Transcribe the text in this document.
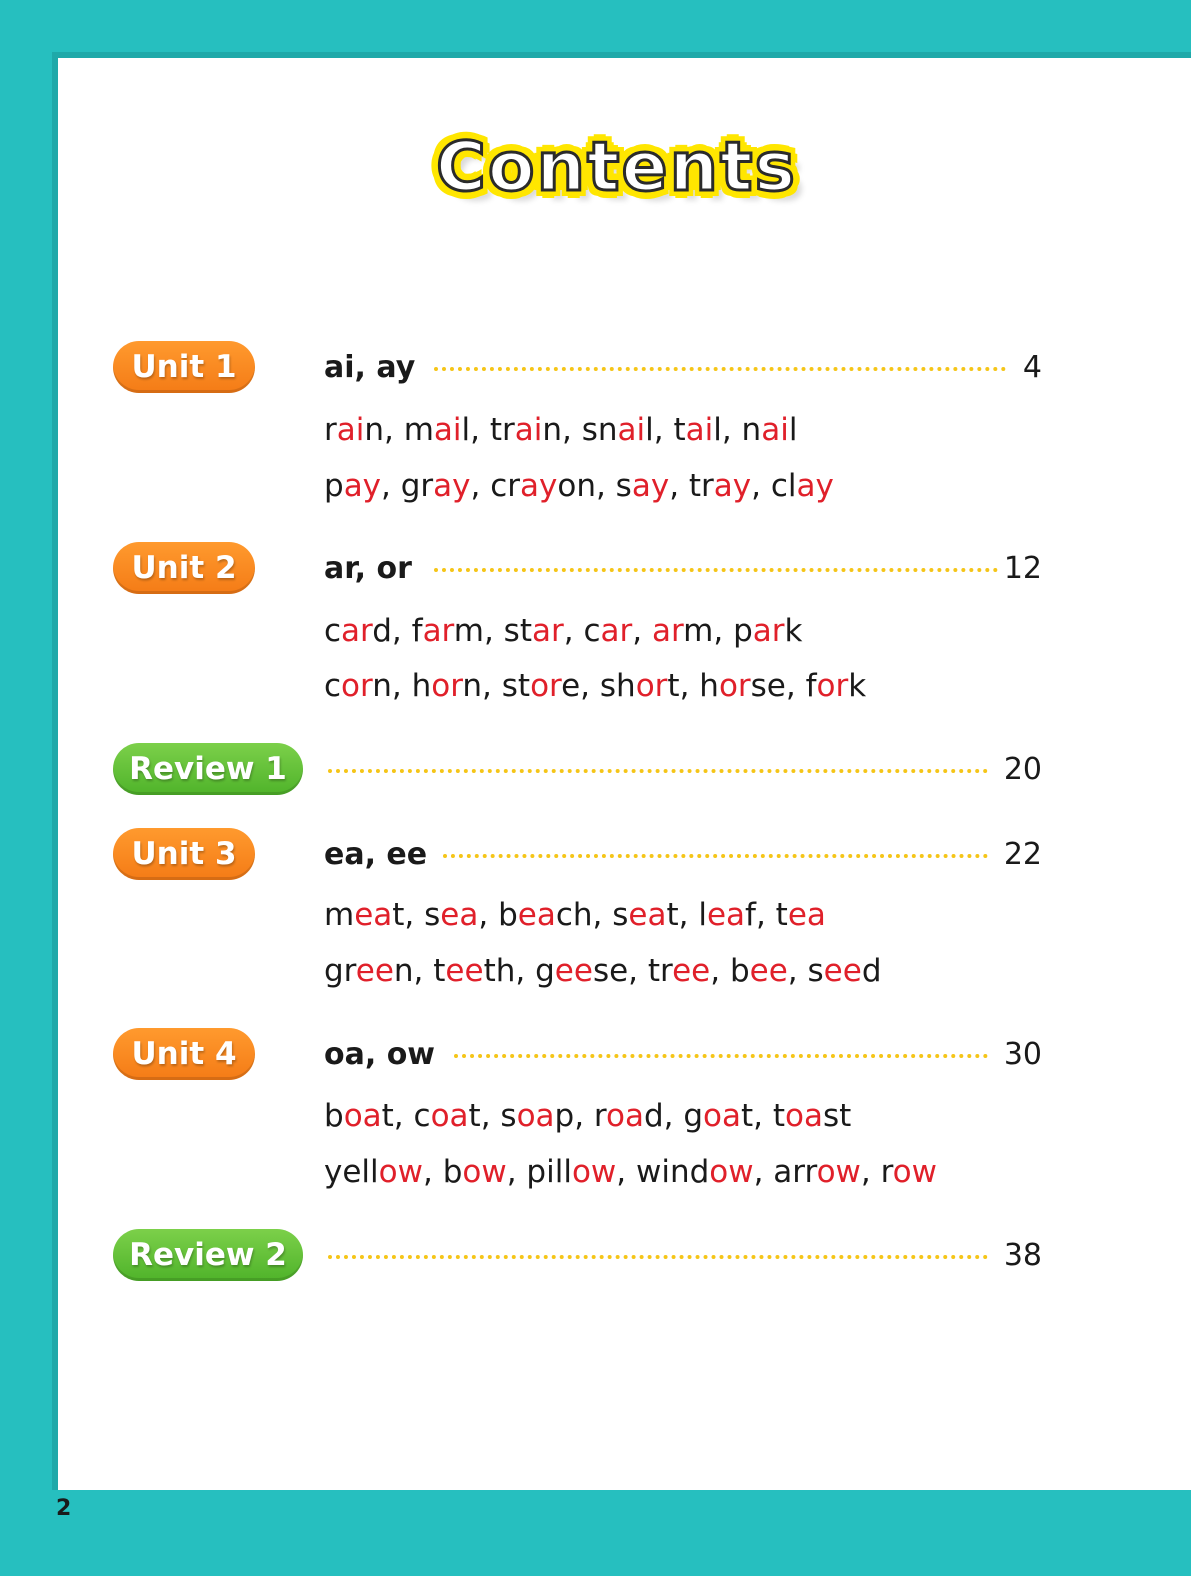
Contents
Unit 1	ai, ay	4
rain, mail, train, snail, tail, nail
pay, gray, crayon, say, tray, clay
Unit 2	ar, or	12
card, farm, star, car, arm, park
corn, horn, store, short, horse, fork
Review 1	20
Unit 3	ea, ee	22
meat, sea, beach, seat, leaf, tea
green, teeth, geese, tree, bee, seed
Unit 4	oa, ow	30
boat, coat, soap, road, goat, toast
yellow, bow, pillow, window, arrow, row
Review 2	38
2
